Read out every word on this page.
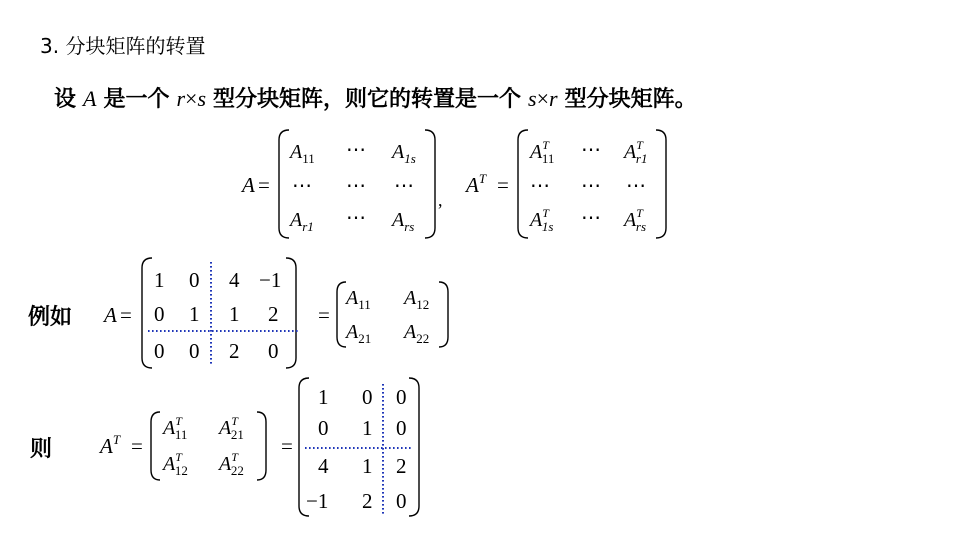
3. 分块矩阵的转置
设 A 是一个 r×s 型分块矩阵，则它的转置是一个 s×r 型分块矩阵。
例如
则
A =
$A_{11}$ ⋯ $A_{1s}$
⋯ ⋯ ⋯
$A_{r1}$ ⋯ $A_{rs}$
,
$A^T$ =
$A^T$ 11 ⋯ $A^T$ r1
⋯ ⋯ ⋯
$A^T$ 1s ⋯ $A^T$ rs
A =
1 0 4 −1
0 1 1 2
0 0 2 0
=
$A_{11}$ $A_{12}$
$A_{21}$ $A_{22}$
$A^T$ =
$A^T$ 11 $A^T$ 21
$A^T$ 12 $A^T$ 22
=
1 0 0
0 1 0
4 1 2
−1 2 0
